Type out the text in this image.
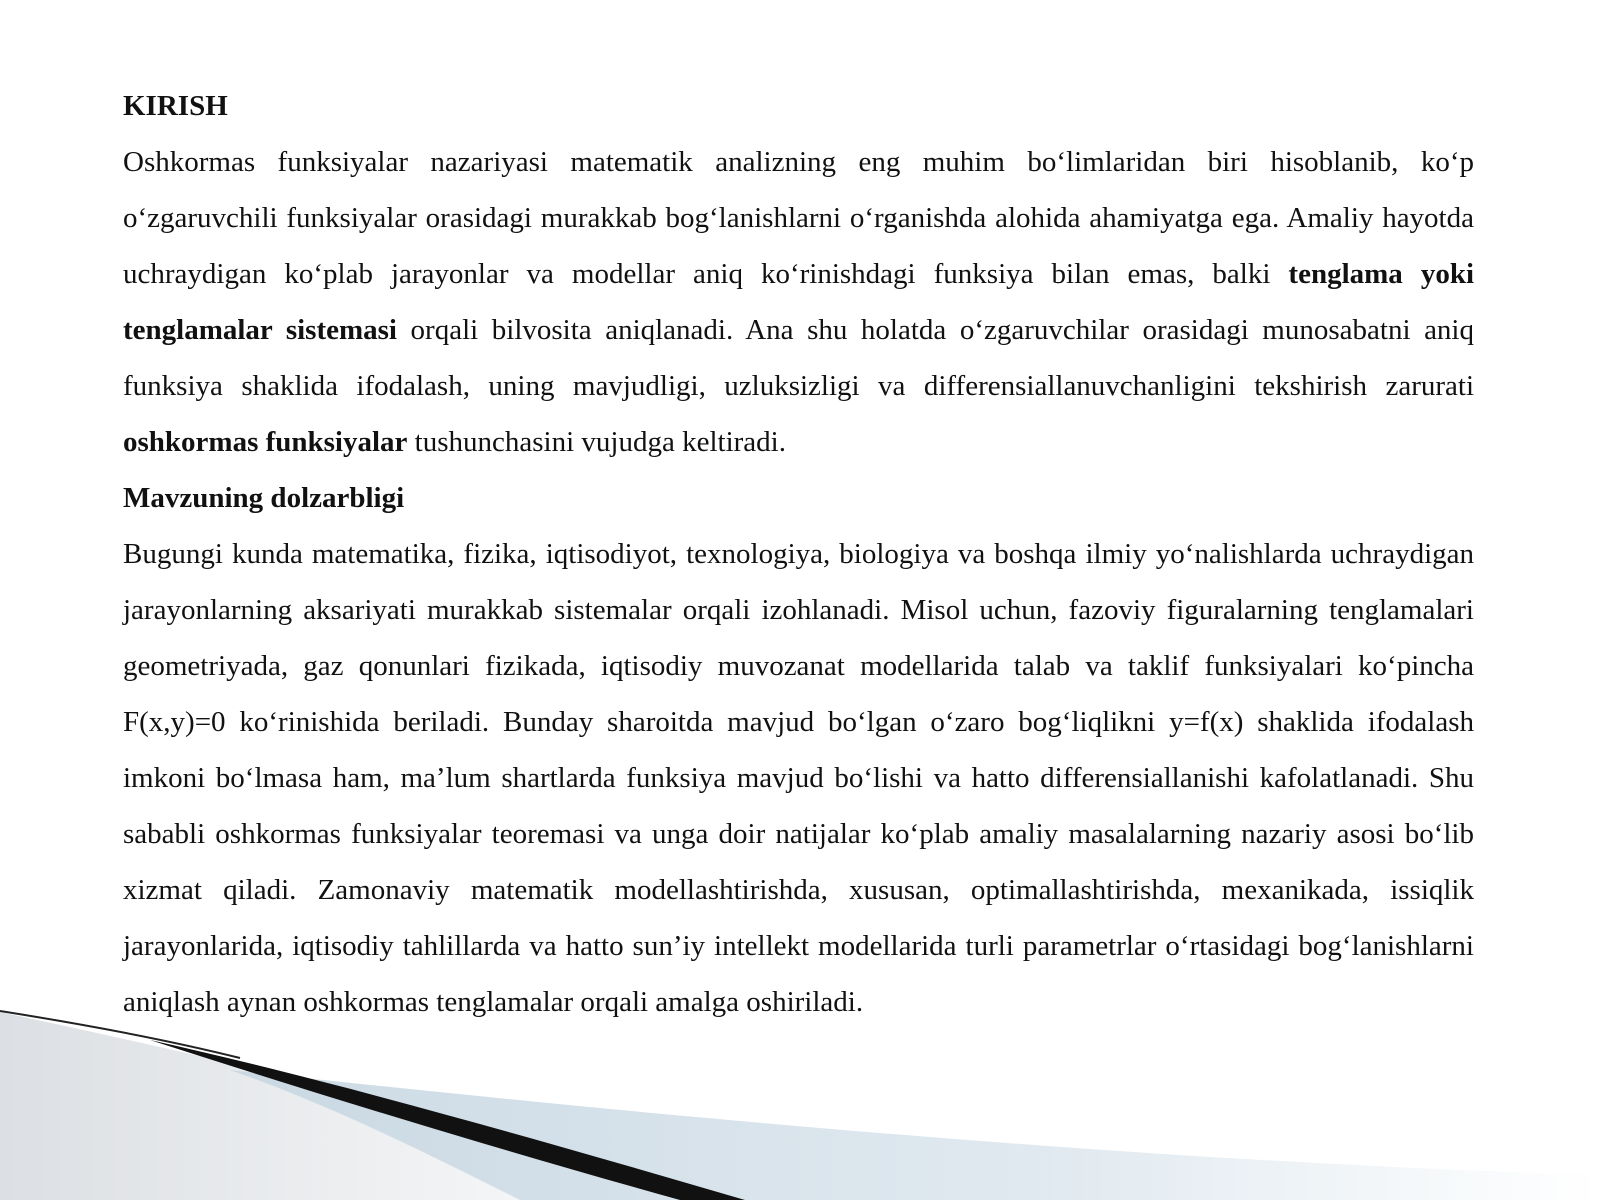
KIRISH

Oshkormas funksiyalar nazariyasi matematik analizning eng muhim bo‘limlaridan biri hisoblanib, ko‘p o‘zgaruvchili funksiyalar orasidagi murakkab bog‘lanishlarni o‘rganishda alohida ahamiyatga ega. Amaliy hayotda uchraydigan ko‘plab jarayonlar va modellar aniq ko‘rinishdagi funksiya bilan emas, balki tenglama yoki tenglamalar sistemasi orqali bilvosita aniqlanadi. Ana shu holatda o‘zgaruvchilar orasidagi munosabatni aniq funksiya shaklida ifodalash, uning mavjudligi, uzluksizligi va differensiallanuvchanligini tekshirish zarurati oshkormas funksiyalar tushunchasini vujudga keltiradi.

Mavzuning dolzarbligi

Bugungi kunda matematika, fizika, iqtisodiyot, texnologiya, biologiya va boshqa ilmiy yo‘nalishlarda uchraydigan jarayonlarning aksariyati murakkab sistemalar orqali izohlanadi. Misol uchun, fazoviy figuralarning tenglamalari geometriyada, gaz qonunlari fizikada, iqtisodiy muvozanat modellarida talab va taklif funksiyalari ko‘pincha F(x,y)=0 ko‘rinishida beriladi. Bunday sharoitda mavjud bo‘lgan o‘zaro bog‘liqlikni y=f(x) shaklida ifodalash imkoni bo‘lmasa ham, ma’lum shartlarda funksiya mavjud bo‘lishi va hatto differensiallanishi kafolatlanadi. Shu sababli oshkormas funksiyalar teoremasi va unga doir natijalar ko‘plab amaliy masalalarning nazariy asosi bo‘lib xizmat qiladi. Zamonaviy matematik modellashtirishda, xususan, optimallashtirishda, mexanikada, issiqlik jarayonlarida, iqtisodiy tahlillarda va hatto sun’iy intellekt modellarida turli parametrlar o‘rtasidagi bog‘lanishlarni aniqlash aynan oshkormas tenglamalar orqali amalga oshiriladi.
